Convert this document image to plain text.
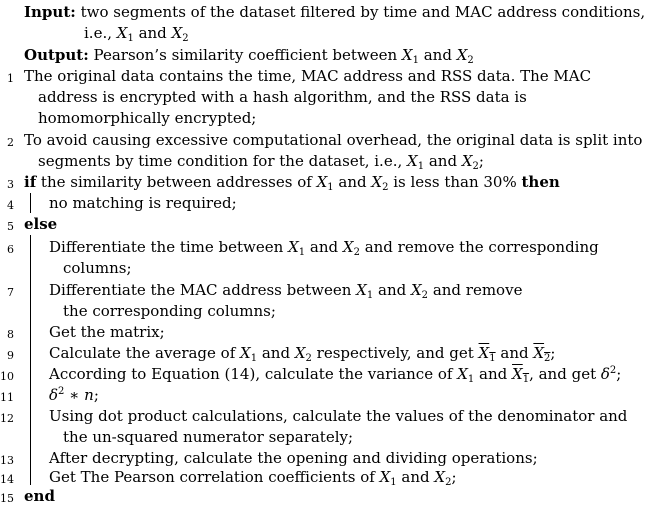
Input: two segments of the dataset filtered by time and MAC address conditions,
i.e., $X_1$ and $X_2$
Output: Pearson’s similarity coefficient between $X_1$ and $X_2$
1 The original data contains the time, MAC address and RSS data. The MAC
address is encrypted with a hash algorithm, and the RSS data is
homomorphically encrypted;
2 To avoid causing excessive computational overhead, the original data is split into
segments by time condition for the dataset, i.e., $X_1$ and $X_2$;
3 if the similarity between addresses of $X_1$ and $X_2$ is less than 30% then
4 no matching is required;
5 else
6 Differentiate the time between $X_1$ and $X_2$ and remove the corresponding
columns;
7 Differentiate the MAC address between $X_1$ and $X_2$ and remove
the corresponding columns;
8 Get the matrix;
9 Calculate the average of $X_1$ and $X_2$ respectively, and get $X_1$ and $X_2$;
10 According to Equation (14), calculate the variance of $X_1$ and $X_1$, and get $\delta^2$;
11 $\delta^2$ ∗ n;
12 Using dot product calculations, calculate the values of the denominator and
the un-squared numerator separately;
13 After decrypting, calculate the opening and dividing operations;
14 Get The Pearson correlation coefficients of $X_1$ and $X_2$;
15 end
